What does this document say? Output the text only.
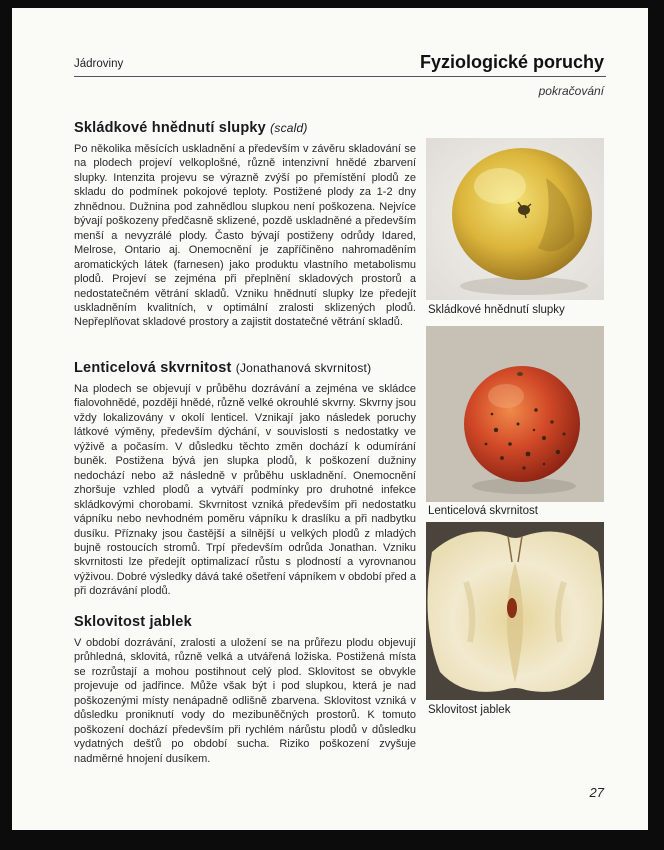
Jádroviny	Fyziologické poruchy
pokračování
Skládkové hnědnutí slupky (scald)

Po několika měsících uskladnění a především v závěru skladování se na plodech projeví velkoplošné, různě intenzivní hnědé zbarvení slupky. Intenzita projevu se výrazně zvýší po přemístění plodů ze skladu do podmínek pokojové teploty. Postižené plody za 1-2 dny zhnědnou. Dužnina pod zahnědlou slupkou není poškozena. Nejvíce bývají poškozeny předčasně sklizené, pozdě uskladněné a především menší a nevyzrálé plody. Často bývají postiženy odrůdy Idared, Melrose, Ontario aj. Onemocnění je zapříčiněno nahromaděním aromatických látek (farnesen) jako produktu vlastního metabolismu plodů. Projeví se zejména při přeplnění skladových prostorů a nedostatečném větrání skladů. Vzniku hnědnutí slupky lze předejít uskladněním kvalitních, v optimální zralosti sklizených plodů. Nepřeplňovat skladové prostory a zajistit dostatečné větrání skladů.

Lenticelová skvrnitost (Jonathanová skvrnitost)

Na plodech se objevují v průběhu dozrávání a zejména ve skládce fialovohnědé, později hnědé, různě velké okrouhlé skvrny. Skvrny jsou vždy lokalizovány v okolí lenticel. Vznikají jako následek poruchy látkové výměny, především dýchání, v souvislosti s nedostatky ve výživě a počasím. V důsledku těchto změn dochází k odumírání buněk. Postižena bývá jen slupka plodů, k poškození dužniny nedochází nebo až následně v průběhu uskladnění. Onemocnění zhoršuje vzhled plodů a vytváří podmínky pro druhotné infekce skládkovými chorobami. Skvrnitost vzniká především při nedostatku vápníku nebo nevhodném poměru vápníku k draslíku a při nadbytku dusíku. Příznaky jsou častější a silnější u velkých plodů z mladých bujně rostoucích stromů. Trpí především odrůda Jonathan. Vzniku skvrnitosti lze předejít optimalizací růstu s plodností a vyrovnanou výživou. Dobré výsledky dává také ošetření vápníkem v období před a při dozrávání plodů.

Sklovitost jablek

V období dozrávání, zralosti a uložení se na průřezu plodu objevují průhledná, sklovitá, různě velká a utvářená ložiska. Postižená místa se rozrůstají a mohou postihnout celý plod. Sklovitost se obvykle projevuje od jadřince. Může však být i pod slupkou, která je nad poškozenými místy nenápadně odlišně zbarvena. Sklovitost vzniká v důsledku proniknutí vody do mezibuněčných prostorů. K tomuto poškození dochází především při rychlém nárůstu plodů v důsledku vydatných dešťů po období sucha. Riziko poškození zvyšuje nadměrné hnojení dusíkem.

Skládkové hnědnutí slupky
Lenticelová skvrnitost
Sklovitost jablek
27
